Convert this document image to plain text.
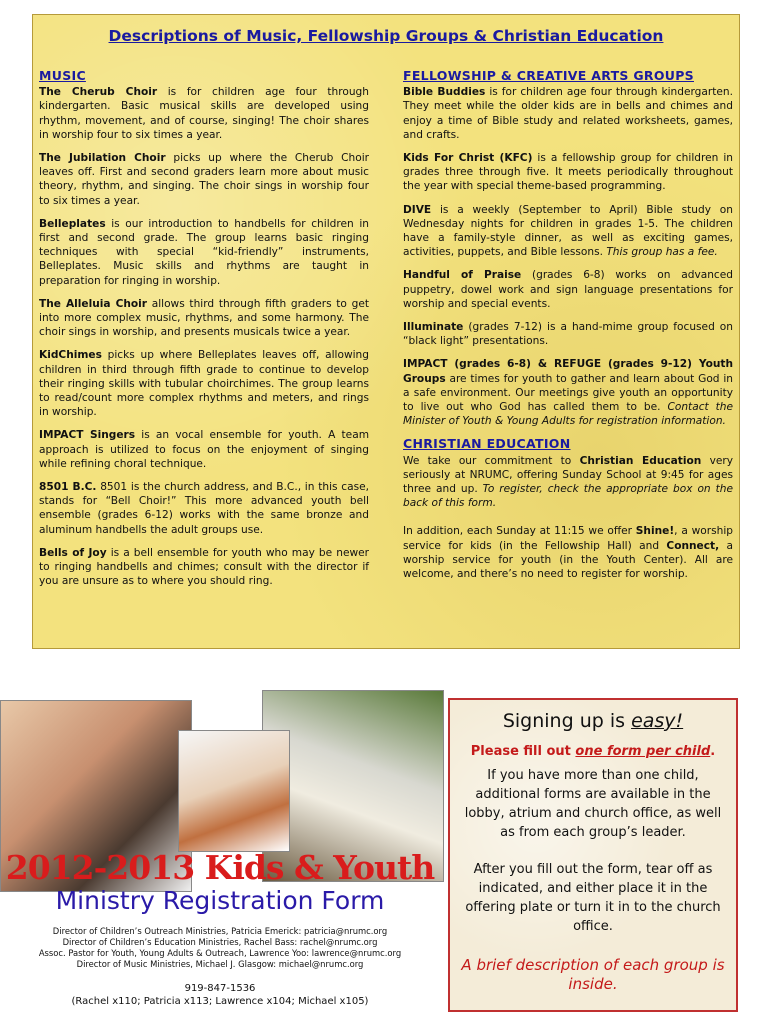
Descriptions of Music, Fellowship Groups & Christian Education
MUSIC

The Cherub Choir is for children age four through kindergarten. Basic musical skills are developed using rhythm, movement, and of course, singing! The choir shares in worship four to six times a year.

The Jubilation Choir picks up where the Cherub Choir leaves off. First and second graders learn more about music theory, rhythm, and singing. The choir sings in worship four to six times a year.

Belleplates is our introduction to handbells for children in first and second grade. The group learns basic ringing techniques with special “kid-friendly” instruments, Belleplates. Music skills and rhythms are taught in preparation for ringing in worship.

The Alleluia Choir allows third through fifth graders to get into more complex music, rhythms, and some harmony. The choir sings in worship, and presents musicals twice a year.

KidChimes picks up where Belleplates leaves off, allowing children in third through fifth grade to continue to develop their ringing skills with tubular choirchimes. The group learns to read/count more complex rhythms and meters, and rings in worship.

IMPACT Singers is an vocal ensemble for youth. A team approach is utilized to focus on the enjoyment of singing while refining choral technique.

8501 B.C. 8501 is the church address, and B.C., in this case, stands for “Bell Choir!” This more advanced youth bell ensemble (grades 6-12) works with the same bronze and aluminum handbells the adult groups use.

Bells of Joy is a bell ensemble for youth who may be newer to ringing handbells and chimes; consult with the director if you are unsure as to where you should ring.

FELLOWSHIP & CREATIVE ARTS GROUPS

Bible Buddies is for children age four through kindergarten. They meet while the older kids are in bells and chimes and enjoy a time of Bible study and related worksheets, games, and crafts.

Kids For Christ (KFC) is a fellowship group for children in grades three through five. It meets periodically throughout the year with special theme-based programming.

DIVE is a weekly (September to April) Bible study on Wednesday nights for children in grades 1-5. The children have a family-style dinner, as well as exciting games, activities, puppets, and Bible lessons. This group has a fee.

Handful of Praise (grades 6-8) works on advanced puppetry, dowel work and sign language presentations for worship and special events.

Illuminate (grades 7-12) is a hand-mime group focused on “black light” presentations.

IMPACT (grades 6-8) & REFUGE (grades 9-12) Youth Groups are times for youth to gather and learn about God in a safe environment. Our meetings give youth an opportunity to live out who God has called them to be. Contact the Minister of Youth & Young Adults for registration information.

CHRISTIAN EDUCATION

We take our commitment to Christian Education very seriously at NRUMC, offering Sunday School at 9:45 for ages three and up. To register, check the appropriate box on the back of this form.

In addition, each Sunday at 11:15 we offer Shine!, a worship service for kids (in the Fellowship Hall) and Connect, a worship service for youth (in the Youth Center). All are welcome, and there’s no need to register for worship.

2012-2013 Kids & Youth
Ministry Registration Form
Director of Children’s Outreach Ministries, Patricia Emerick: patricia@nrumc.org
Director of Children’s Education Ministries, Rachel Bass: rachel@nrumc.org
Assoc. Pastor for Youth, Young Adults & Outreach, Lawrence Yoo: lawrence@nrumc.org
Director of Music Ministries, Michael J. Glasgow: michael@nrumc.org
919-847-1536
(Rachel x110; Patricia x113; Lawrence x104; Michael x105)
Signing up is easy!
Please fill out one form per child.
If you have more than one child, additional forms are available in the lobby, atrium and church office, as well as from each group’s leader.
After you fill out the form, tear off as indicated, and either place it in the offering plate or turn it in to the church office.
A brief description of each group is inside.
